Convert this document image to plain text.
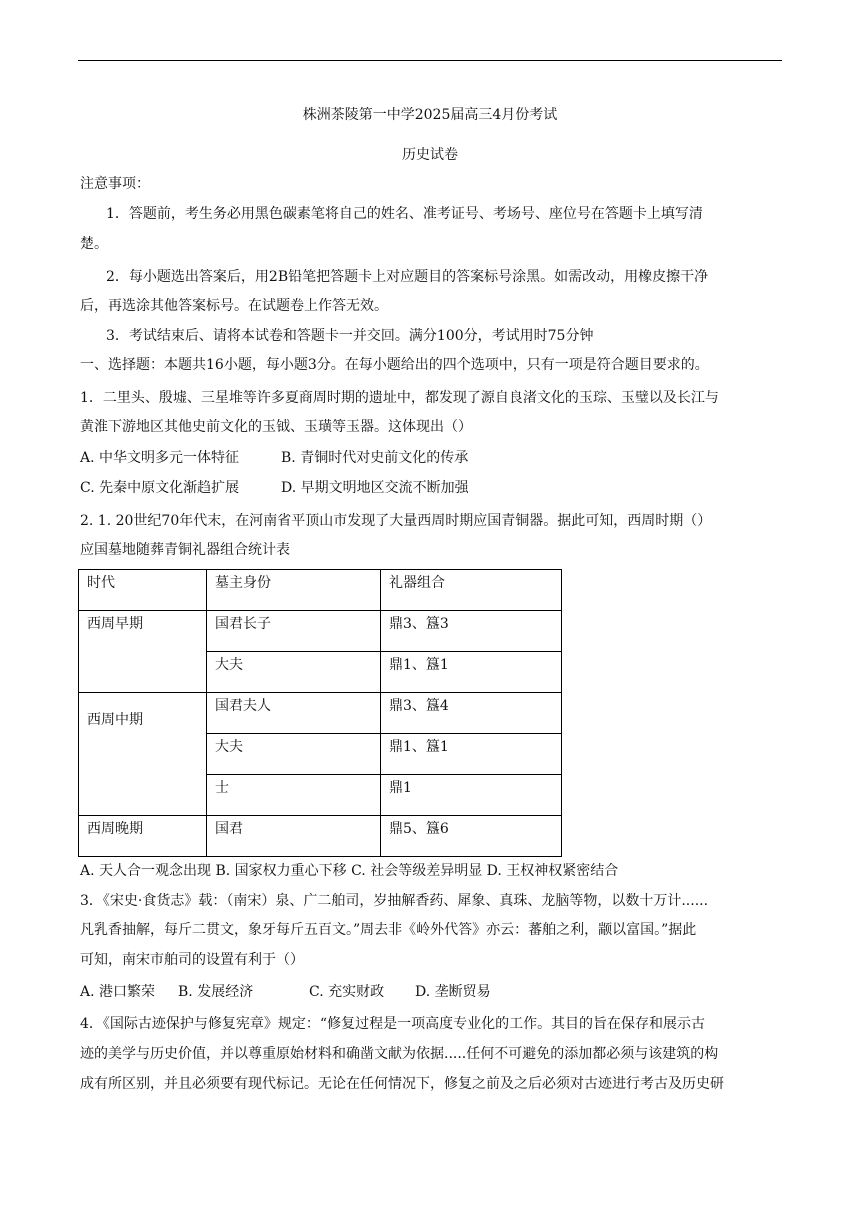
株洲茶陵第一中学2025届高三4月份考试
历史试卷
注意事项：
1．答题前，考生务必用黑色碳素笔将自己的姓名、准考证号、考场号、座位号在答题卡上填写清
楚。
2．每小题选出答案后，用2B铅笔把答题卡上对应题目的答案标号涂黑。如需改动，用橡皮擦干净
后，再选涂其他答案标号。在试题卷上作答无效。
3．考试结束后、请将本试卷和答题卡一并交回。满分100分，考试用时75分钟
一、选择题：本题共16小题，每小题3分。在每小题给出的四个选项中，只有一项是符合题目要求的。
1．二里头、殷墟、三星堆等许多夏商周时期的遗址中，都发现了源自良渚文化的玉琮、玉璧以及长江与
黄淮下游地区其他史前文化的玉钺、玉璜等玉器。这体现出（）
A. 中华文明多元一体特征	B. 青铜时代对史前文化的传承
C. 先秦中原文化渐趋扩展	D. 早期文明地区交流不断加强
2. 1. 20世纪70年代末，在河南省平顶山市发现了大量西周时期应国青铜器。据此可知，西周时期（）
应国墓地随葬青铜礼器组合统计表
时代	墓主身份	礼器组合
西周早期	国君长子	鼎3、簋3
	大夫	鼎1、簋1
西周中期	国君夫人	鼎3、簋4
	大夫	鼎1、簋1
	士	鼎1
西周晚期	国君	鼎5、簋6
A. 天人合一观念出现 B. 国家权力重心下移 C. 社会等级差异明显 D. 王权神权紧密结合
3．《宋史·食货志》载：（南宋）泉、广二舶司，岁抽解香药、犀象、真珠、龙脑等物，以数十万计......
凡乳香抽解，每斤二贯文，象牙每斤五百文。”周去非《岭外代答》亦云：蕃舶之利，颛以富国。”据此
可知，南宋市舶司的设置有利于（）
A. 港口繁荣 B. 发展经济	C. 充实财政 D. 垄断贸易
4．《国际古迹保护与修复宪章》规定：“修复过程是一项高度专业化的工作。其目的旨在保存和展示古
迹的美学与历史价值，并以尊重原始材料和确凿文献为依据.....任何不可避免的添加都必须与该建筑的构
成有所区别，并且必须要有现代标记。无论在任何情况下，修复之前及之后必须对古迹进行考古及历史研
